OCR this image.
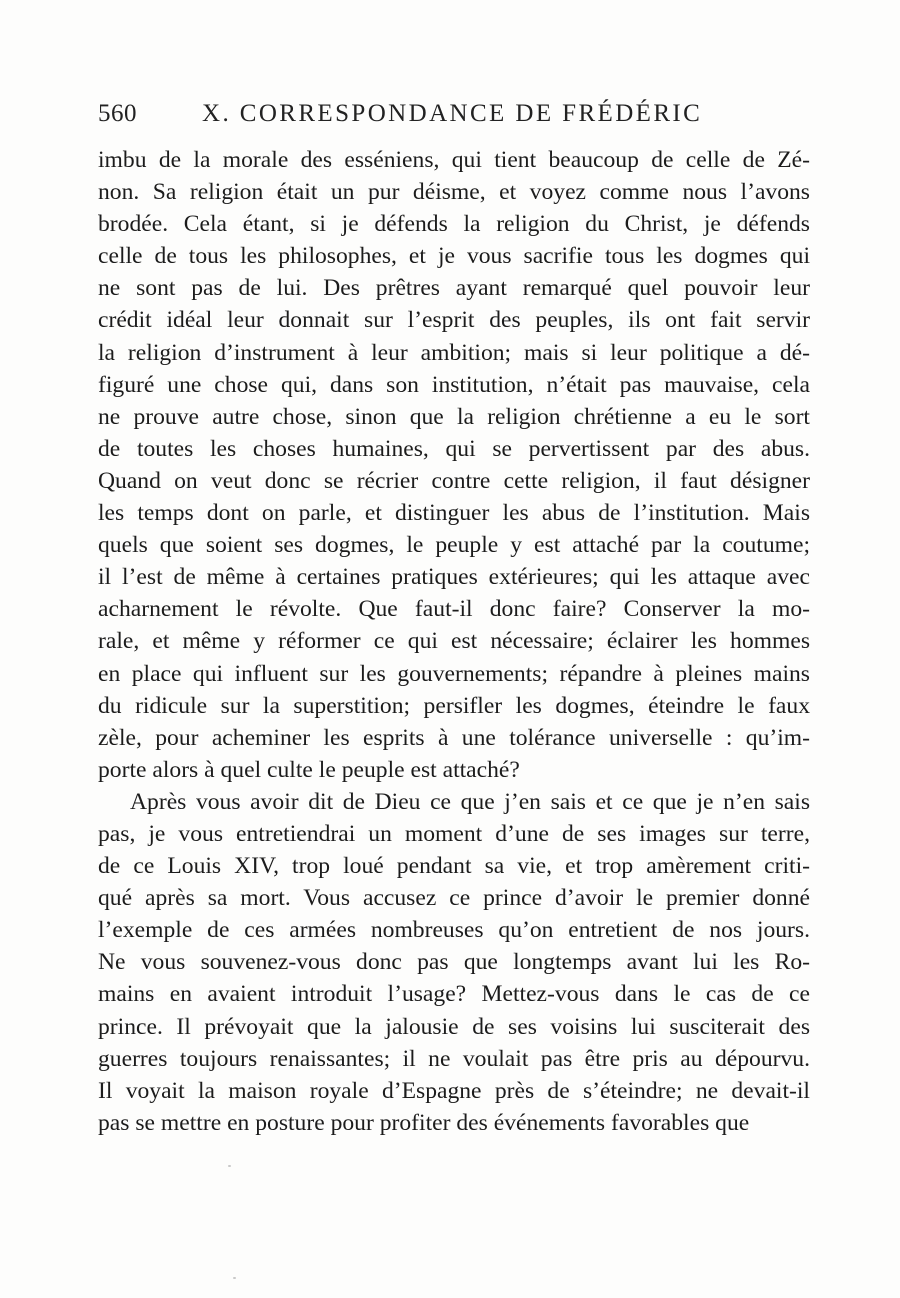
560	X. CORRESPONDANCE DE FRÉDÉRIC
imbu de la morale des esséniens, qui tient beaucoup de celle de Zé-
non. Sa religion était un pur déisme, et voyez comme nous l’avons
brodée. Cela étant, si je défends la religion du Christ, je défends
celle de tous les philosophes, et je vous sacrifie tous les dogmes qui
ne sont pas de lui. Des prêtres ayant remarqué quel pouvoir leur
crédit idéal leur donnait sur l’esprit des peuples, ils ont fait servir
la religion d’instrument à leur ambition; mais si leur politique a dé-
figuré une chose qui, dans son institution, n’était pas mauvaise, cela
ne prouve autre chose, sinon que la religion chrétienne a eu le sort
de toutes les choses humaines, qui se pervertissent par des abus.
Quand on veut donc se récrier contre cette religion, il faut désigner
les temps dont on parle, et distinguer les abus de l’institution. Mais
quels que soient ses dogmes, le peuple y est attaché par la coutume;
il l’est de même à certaines pratiques extérieures; qui les attaque avec
acharnement le révolte. Que faut-il donc faire? Conserver la mo-
rale, et même y réformer ce qui est nécessaire; éclairer les hommes
en place qui influent sur les gouvernements; répandre à pleines mains
du ridicule sur la superstition; persifler les dogmes, éteindre le faux
zèle, pour acheminer les esprits à une tolérance universelle : qu’im-
porte alors à quel culte le peuple est attaché?
Après vous avoir dit de Dieu ce que j’en sais et ce que je n’en sais
pas, je vous entretiendrai un moment d’une de ses images sur terre,
de ce Louis XIV, trop loué pendant sa vie, et trop amèrement criti-
qué après sa mort. Vous accusez ce prince d’avoir le premier donné
l’exemple de ces armées nombreuses qu’on entretient de nos jours.
Ne vous souvenez-vous donc pas que longtemps avant lui les Ro-
mains en avaient introduit l’usage? Mettez-vous dans le cas de ce
prince. Il prévoyait que la jalousie de ses voisins lui susciterait des
guerres toujours renaissantes; il ne voulait pas être pris au dépourvu.
Il voyait la maison royale d’Espagne près de s’éteindre; ne devait-il
pas se mettre en posture pour profiter des événements favorables que
